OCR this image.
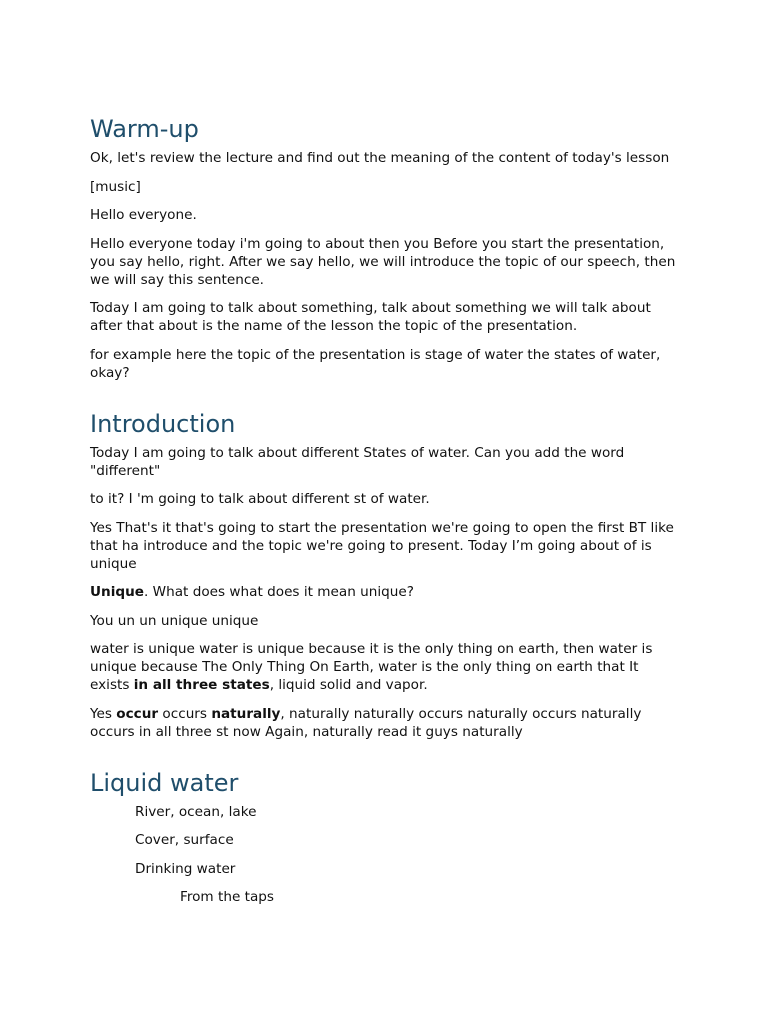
Warm-up

Ok, let's review the lecture and find out the meaning of the content of today's lesson

[music]

Hello everyone.

Hello everyone today i'm going to about then you Before you start the presentation, you say hello, right. After we say hello, we will introduce the topic of our speech, then we will say this sentence.

Today I am going to talk about something, talk about something we will talk about after that about is the name of the lesson the topic of the presentation.

for example here the topic of the presentation is stage of water the states of water, okay?

Introduction

Today I am going to talk about different States of water. Can you add the word "different"

to it? I 'm going to talk about different st of water.

Yes That's it that's going to start the presentation we're going to open the first BT like that ha introduce and the topic we're going to present. Today I’m going about of is unique

Unique. What does what does it mean unique?

You un un unique unique

water is unique water is unique because it is the only thing on earth, then water is unique because The Only Thing On Earth, water is the only thing on earth that It exists in all three states, liquid solid and vapor.

Yes occur occurs naturally, naturally naturally occurs naturally occurs naturally occurs in all three st now Again, naturally read it guys naturally

Liquid water

River, ocean, lake

Cover, surface

Drinking water

From the taps
